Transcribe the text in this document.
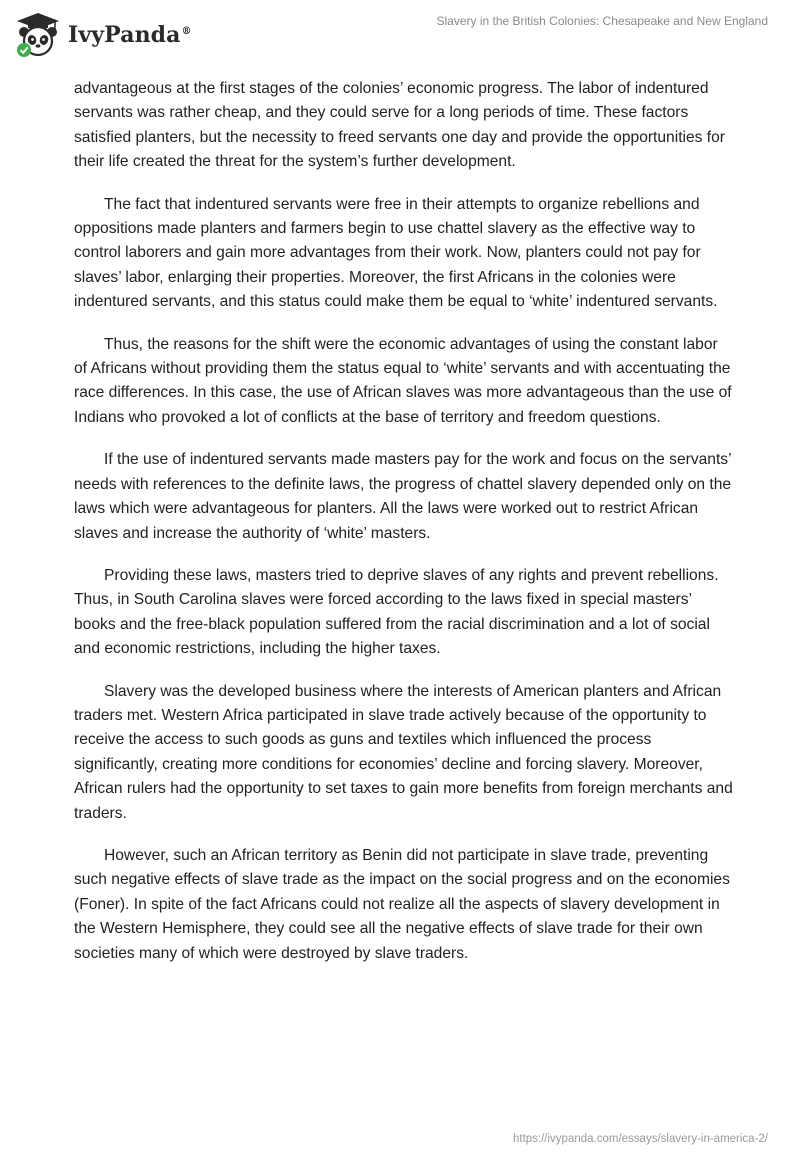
IvyPanda®
Slavery in the British Colonies: Chesapeake and New England

advantageous at the first stages of the colonies’ economic progress. The labor of indentured servants was rather cheap, and they could serve for a long periods of time. These factors satisfied planters, but the necessity to freed servants one day and provide the opportunities for their life created the threat for the system’s further development.

The fact that indentured servants were free in their attempts to organize rebellions and oppositions made planters and farmers begin to use chattel slavery as the effective way to control laborers and gain more advantages from their work. Now, planters could not pay for slaves’ labor, enlarging their properties. Moreover, the first Africans in the colonies were indentured servants, and this status could make them be equal to ‘white’ indentured servants.

Thus, the reasons for the shift were the economic advantages of using the constant labor of Africans without providing them the status equal to ‘white’ servants and with accentuating the race differences. In this case, the use of African slaves was more advantageous than the use of Indians who provoked a lot of conflicts at the base of territory and freedom questions.

If the use of indentured servants made masters pay for the work and focus on the servants’ needs with references to the definite laws, the progress of chattel slavery depended only on the laws which were advantageous for planters. All the laws were worked out to restrict African slaves and increase the authority of ‘white’ masters.

Providing these laws, masters tried to deprive slaves of any rights and prevent rebellions. Thus, in South Carolina slaves were forced according to the laws fixed in special masters’ books and the free-black population suffered from the racial discrimination and a lot of social and economic restrictions, including the higher taxes.

Slavery was the developed business where the interests of American planters and African traders met. Western Africa participated in slave trade actively because of the opportunity to receive the access to such goods as guns and textiles which influenced the process significantly, creating more conditions for economies’ decline and forcing slavery. Moreover, African rulers had the opportunity to set taxes to gain more benefits from foreign merchants and traders.

However, such an African territory as Benin did not participate in slave trade, preventing such negative effects of slave trade as the impact on the social progress and on the economies (Foner). In spite of the fact Africans could not realize all the aspects of slavery development in the Western Hemisphere, they could see all the negative effects of slave trade for their own societies many of which were destroyed by slave traders.

https://ivypanda.com/essays/slavery-in-america-2/
